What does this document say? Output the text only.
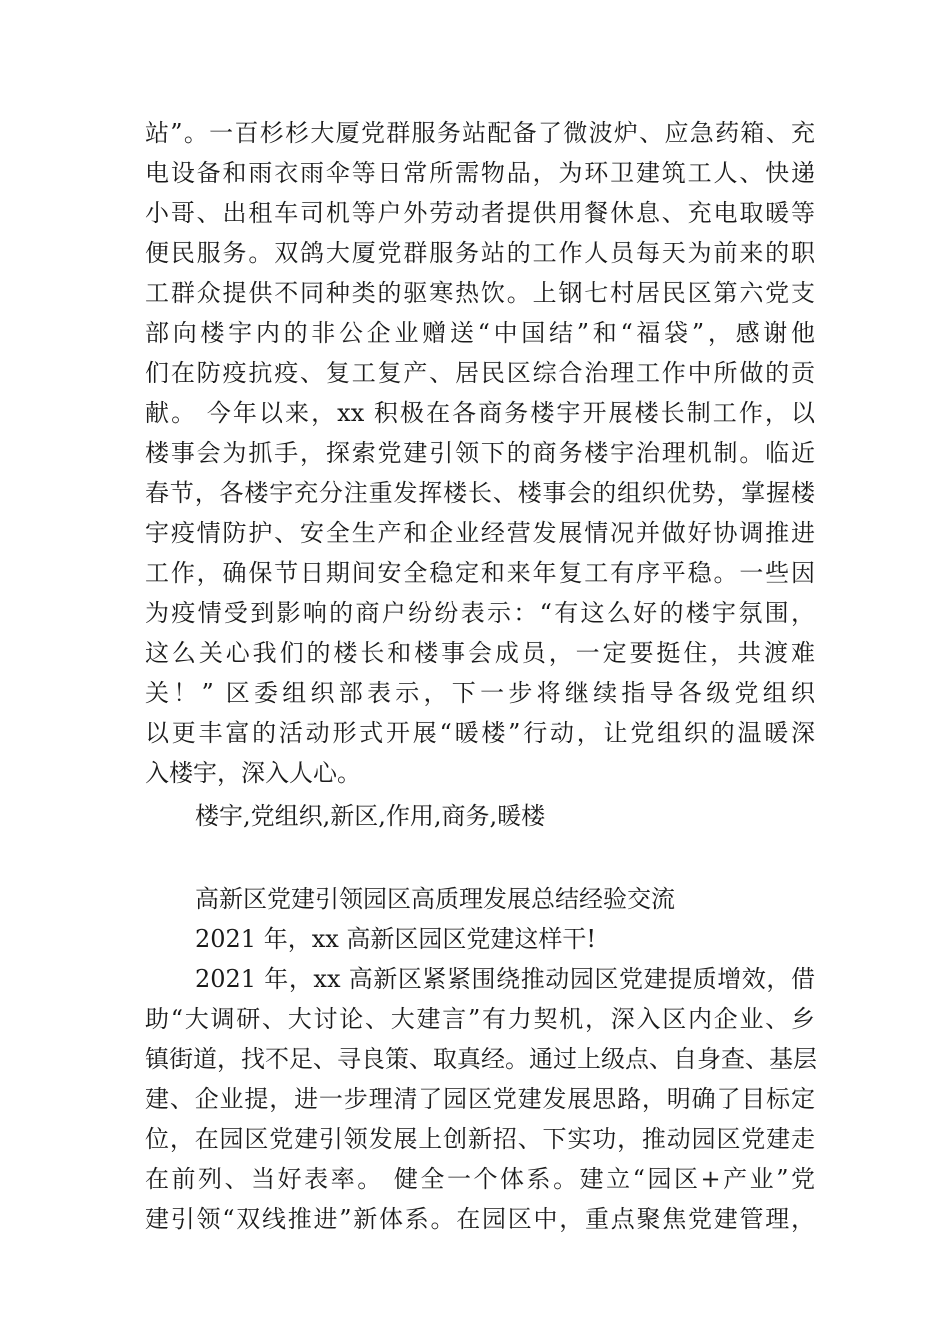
站”。一百杉杉大厦党群服务站配备了微波炉、应急药箱、充
电设备和雨衣雨伞等日常所需物品，为环卫建筑工人、快递
小哥、出租车司机等户外劳动者提供用餐休息、充电取暖等
便民服务。双鸽大厦党群服务站的工作人员每天为前来的职
工群众提供不同种类的驱寒热饮。上钢七村居民区第六党支
部向楼宇内的非公企业赠送“中国结”和“福袋”，感谢他
们在防疫抗疫、复工复产、居民区综合治理工作中所做的贡
献。 今年以来，xx 积极在各商务楼宇开展楼长制工作，以
楼事会为抓手，探索党建引领下的商务楼宇治理机制。临近
春节，各楼宇充分注重发挥楼长、楼事会的组织优势，掌握楼
宇疫情防护、安全生产和企业经营发展情况并做好协调推进
工作，确保节日期间安全稳定和来年复工有序平稳。一些因
为疫情受到影响的商户纷纷表示：“有这么好的楼宇氛围，
这么关心我们的楼长和楼事会成员，一定要挺住，共渡难
关！” 区委组织部表示，下一步将继续指导各级党组织
以更丰富的活动形式开展“暖楼”行动，让党组织的温暖深
入楼宇，深入人心。
楼宇,党组织,新区,作用,商务,暖楼
高新区党建引领园区高质理发展总结经验交流
2021 年，xx 高新区园区党建这样干!
2021 年，xx 高新区紧紧围绕推动园区党建提质增效，借
助“大调研、大讨论、大建言”有力契机，深入区内企业、乡
镇街道，找不足、寻良策、取真经。通过上级点、自身查、基层
建、企业提，进一步理清了园区党建发展思路，明确了目标定
位，在园区党建引领发展上创新招、下实功，推动园区党建走
在前列、当好表率。 健全一个体系。建立“园区+产业”党
建引领“双线推进”新体系。在园区中，重点聚焦党建管理，
